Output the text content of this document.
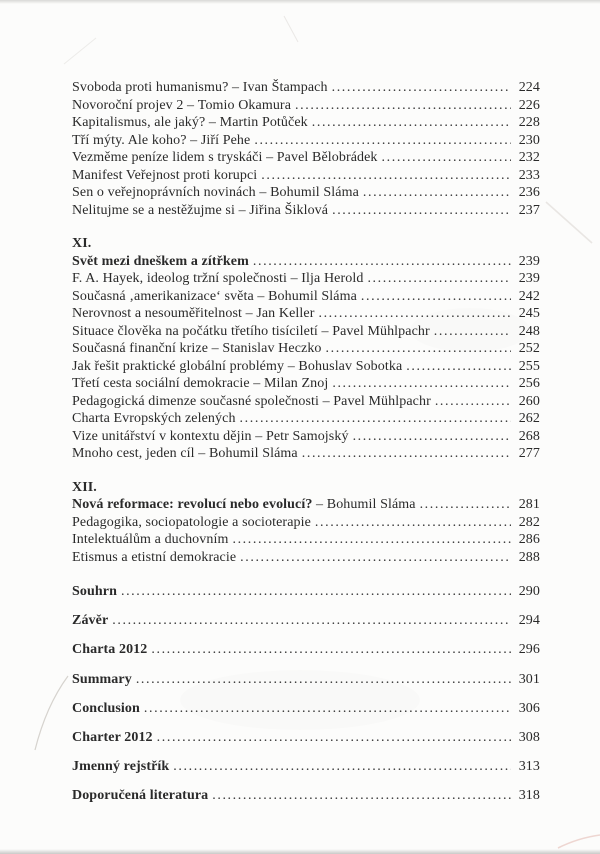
Svoboda proti humanismu? – Ivan Štampach .....	224
Novoroční projev 2 – Tomio Okamura .....	226
Kapitalismus, ale jaký? – Martin Potůček .....	228
Tří mýty. Ale koho? – Jiří Pehe .....	230
Vezměme peníze lidem s tryskáči – Pavel Bělobrádek .....	232
Manifest Veřejnost proti korupci .....	233
Sen o veřejnoprávních novinách – Bohumil Sláma .....	236
Nelitujme se a nestěžujme si – Jiřina Šiklová .....	237
XI.
Svět mezi dneškem a zítřkem .....	239
F. A. Hayek, ideolog tržní společnosti – Ilja Herold .....	239
Současná ‚amerikanizace‘ světa – Bohumil Sláma .....	242
Nerovnost a nesouměřitelnost – Jan Keller .....	245
Situace člověka na počátku třetího tisíciletí – Pavel Mühlpachr .....	248
Současná finanční krize – Stanislav Heczko .....	252
Jak řešit praktické globální problémy – Bohuslav Sobotka .....	255
Třetí cesta sociální demokracie – Milan Znoj .....	256
Pedagogická dimenze současné společnosti – Pavel Mühlpachr .....	260
Charta Evropských zelených .....	262
Vize unitářství v kontextu dějin – Petr Samojský .....	268
Mnoho cest, jeden cíl – Bohumil Sláma .....	277
XII.
Nová reformace: revolucí nebo evolucí? – Bohumil Sláma .....	281
Pedagogika, sociopatologie a socioterapie .....	282
Intelektuálům a duchovním .....	286
Etismus a etistní demokracie .....	288
Souhrn .....	290
Závěr .....	294
Charta 2012 .....	296
Summary .....	301
Conclusion .....	306
Charter 2012 .....	308
Jmenný rejstřík .....	313
Doporučená literatura .....	318
